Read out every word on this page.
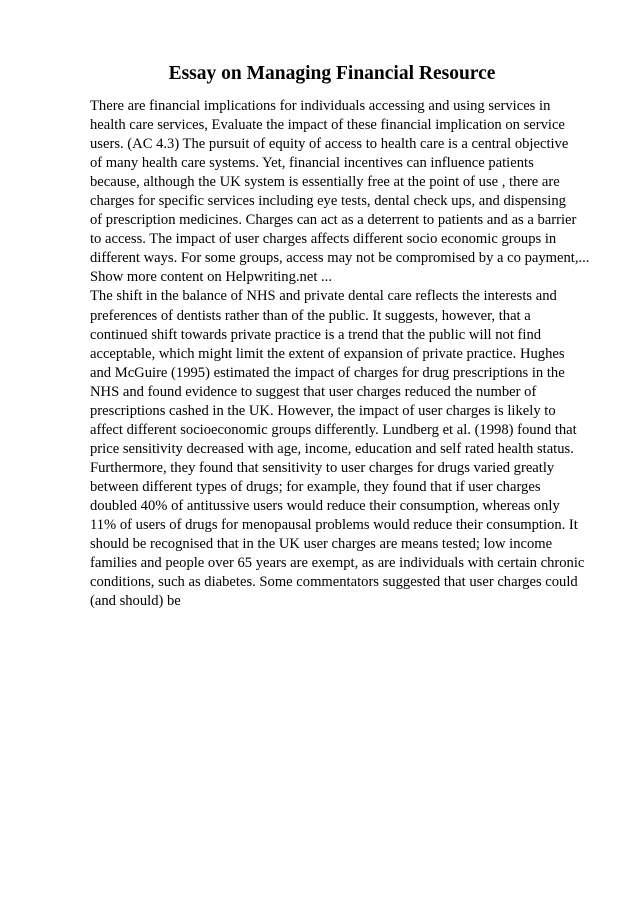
Essay on Managing Financial Resource
There are financial implications for individuals accessing and using services in
health care services, Evaluate the impact of these financial implication on service
users. (AC 4.3) The pursuit of equity of access to health care is a central objective
of many health care systems. Yet, financial incentives can influence patients
because, although the UK system is essentially free at the point of use , there are
charges for specific services including eye tests, dental check ups, and dispensing
of prescription medicines. Charges can act as a deterrent to patients and as a barrier
to access. The impact of user charges affects different socio economic groups in
different ways. For some groups, access may not be compromised by a co payment,...
Show more content on Helpwriting.net ...
The shift in the balance of NHS and private dental care reflects the interests and
preferences of dentists rather than of the public. It suggests, however, that a
continued shift towards private practice is a trend that the public will not find
acceptable, which might limit the extent of expansion of private practice. Hughes
and McGuire (1995) estimated the impact of charges for drug prescriptions in the
NHS and found evidence to suggest that user charges reduced the number of
prescriptions cashed in the UK. However, the impact of user charges is likely to
affect different socioeconomic groups differently. Lundberg et al. (1998) found that
price sensitivity decreased with age, income, education and self rated health status.
Furthermore, they found that sensitivity to user charges for drugs varied greatly
between different types of drugs; for example, they found that if user charges
doubled 40% of antitussive users would reduce their consumption, whereas only
11% of users of drugs for menopausal problems would reduce their consumption. It
should be recognised that in the UK user charges are means tested; low income
families and people over 65 years are exempt, as are individuals with certain chronic
conditions, such as diabetes. Some commentators suggested that user charges could
(and should) be
